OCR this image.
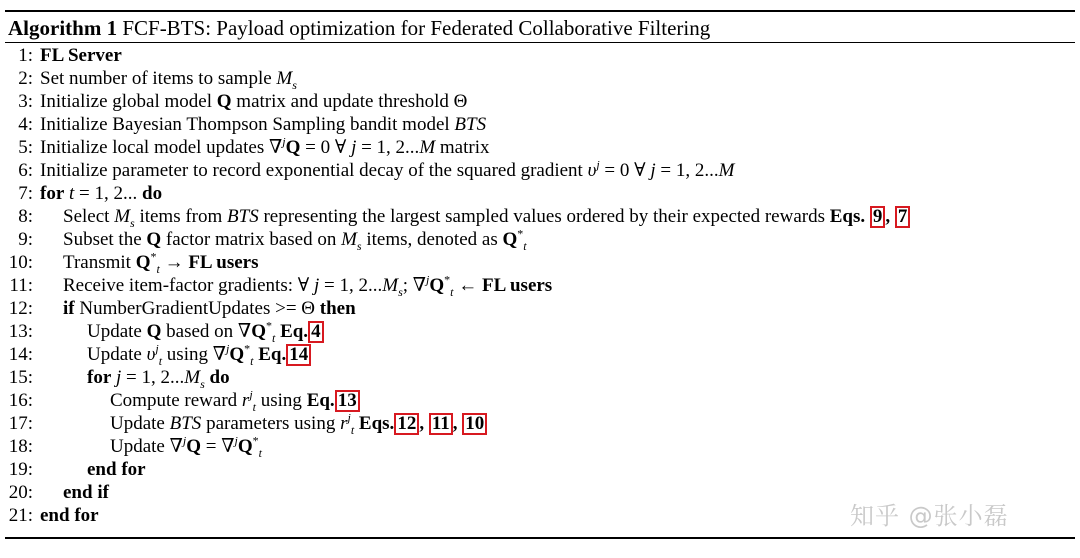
Algorithm 1 FCF-BTS: Payload optimization for Federated Collaborative Filtering
1: FL Server
2: Set number of items to sample $M_s$
3: Initialize global model Q matrix and update threshold Θ
4: Initialize Bayesian Thompson Sampling bandit model BTS
5: Initialize local model updates ∇$^j$Q = 0 ∀ j = 1, 2...M matrix
6: Initialize parameter to record exponential decay of the squared gradient $\upsilon^j = 0$ ∀ j = 1, 2...M
7: for t = 1, 2... do
8: Select $M_s$ items from BTS representing the largest sampled values ordered by their expected rewards Eqs. 9 , 7
9: Subset the Q factor matrix based on $M_s$ items, denoted as $Q^*_t$
10: Transmit $Q^*_t$ → FL users
11: Receive item-factor gradients: ∀ j = 1, $2...M_s$; $\nabla^jQ^*_t$ ← FL users
12: if NumberGradientUpdates >= Θ then
13:	Update Q based on $\nabla Q^*_t$ Eq. 4
14:	Update $\upsilon^j_t$ using $\nabla^jQ^*_t$ Eq. 14
15:	for j = 1, $2...M_s$ do
16:	Compute reward $r^j_t$ using Eq. 13
17:	Update BTS parameters using $r^j_t$ Eqs. 12 , 11 , 10
18:	Update $\nabla^jQ = \nabla^jQ^*_t$
19:	end for
20: end if
21: end for	知乎 @张小磊
